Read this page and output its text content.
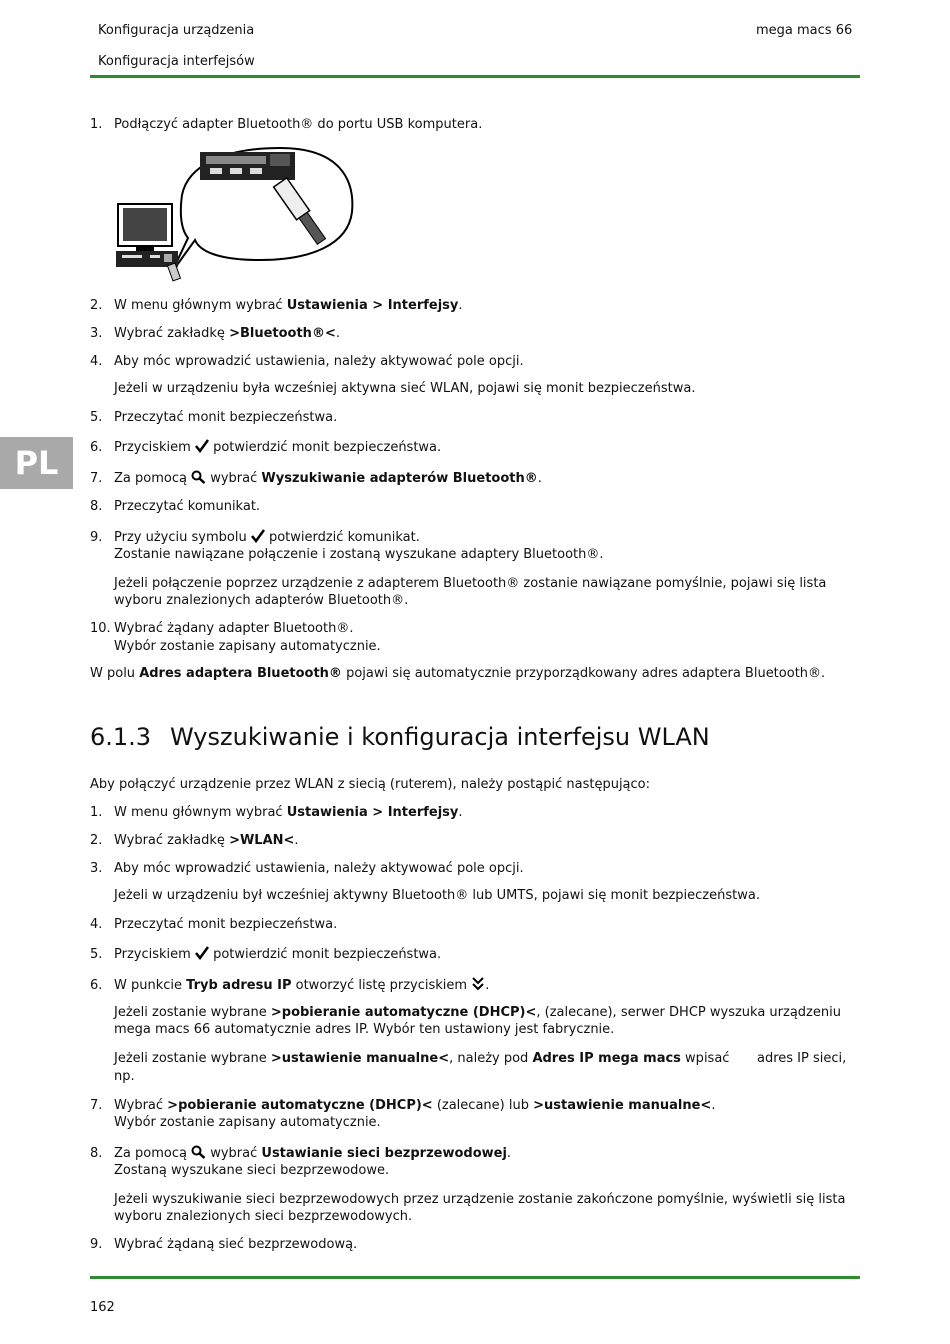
Konfiguracja urządzenia	mega macs 66
Konfiguracja interfejsów
PL
1. Podłączyć adapter Bluetooth® do portu USB komputera.
2. W menu głównym wybrać Ustawienia > Interfejsy.
3. Wybrać zakładkę >Bluetooth®<.
4. Aby móc wprowadzić ustawienia, należy aktywować pole opcji.
Jeżeli w urządzeniu była wcześniej aktywna sieć WLAN, pojawi się monit bezpieczeństwa.
5. Przeczytać monit bezpieczeństwa.
6. Przyciskiem  potwierdzić monit bezpieczeństwa.
7. Za pomocą  wybrać Wyszukiwanie adapterów Bluetooth®.
8. Przeczytać komunikat.
9. Przy użyciu symbolu  potwierdzić komunikat.
Zostanie nawiązane połączenie i zostaną wyszukane adaptery Bluetooth®.
Jeżeli połączenie poprzez urządzenie z adapterem Bluetooth® zostanie nawiązane pomyślnie, pojawi się lista
wyboru znalezionych adapterów Bluetooth®.
10. Wybrać żądany adapter Bluetooth®.
Wybór zostanie zapisany automatycznie.
W polu Adres adaptera Bluetooth® pojawi się automatycznie przyporządkowany adres adaptera Bluetooth®.
6.1.3 Wyszukiwanie i konfiguracja interfejsu WLAN
Aby połączyć urządzenie przez WLAN z siecią (ruterem), należy postąpić następująco:
1. W menu głównym wybrać Ustawienia > Interfejsy.
2. Wybrać zakładkę >WLAN<.
3. Aby móc wprowadzić ustawienia, należy aktywować pole opcji.
Jeżeli w urządzeniu był wcześniej aktywny Bluetooth® lub UMTS, pojawi się monit bezpieczeństwa.
4. Przeczytać monit bezpieczeństwa.
5. Przyciskiem  potwierdzić monit bezpieczeństwa.
6. W punkcie Tryb adresu IP otworzyć listę przyciskiem .
Jeżeli zostanie wybrane >pobieranie automatyczne (DHCP)<, (zalecane), serwer DHCP wyszuka urządzeniu
mega macs 66 automatycznie adres IP. Wybór ten ustawiony jest fabrycznie.
Jeżeli zostanie wybrane >ustawienie manualne<, należy pod Adres IP mega macs wpisać adres IP sieci,
np.
7. Wybrać >pobieranie automatyczne (DHCP)< (zalecane) lub >ustawienie manualne<.
Wybór zostanie zapisany automatycznie.
8. Za pomocą  wybrać Ustawianie sieci bezprzewodowej.
Zostaną wyszukane sieci bezprzewodowe.
Jeżeli wyszukiwanie sieci bezprzewodowych przez urządzenie zostanie zakończone pomyślnie, wyświetli się lista
wyboru znalezionych sieci bezprzewodowych.
9. Wybrać żądaną sieć bezprzewodową.
162
